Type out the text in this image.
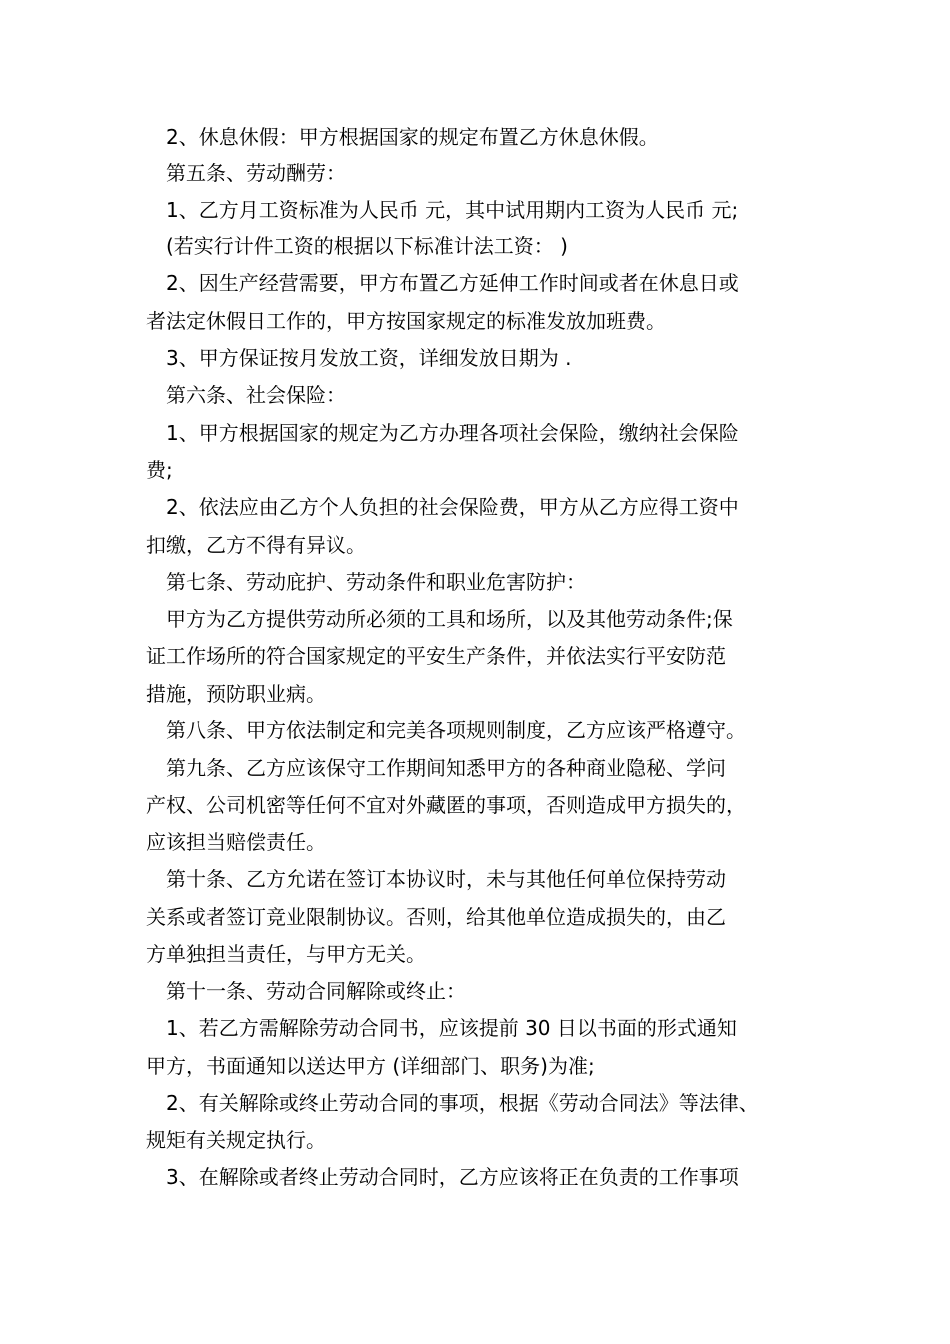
　2、休息休假：甲方根据国家的规定布置乙方休息休假。
　第五条、劳动酬劳：
　1、乙方月工资标准为人民币 元，其中试用期内工资为人民币 元;
　(若实行计件工资的根据以下标准计法工资： )
　2、因生产经营需要，甲方布置乙方延伸工作时间或者在休息日或
者法定休假日工作的，甲方按国家规定的标准发放加班费。
　3、甲方保证按月发放工资，详细发放日期为 .
　第六条、社会保险：
　1、甲方根据国家的规定为乙方办理各项社会保险，缴纳社会保险
费;
　2、依法应由乙方个人负担的社会保险费，甲方从乙方应得工资中
扣缴，乙方不得有异议。
　第七条、劳动庇护、劳动条件和职业危害防护：
　甲方为乙方提供劳动所必须的工具和场所，以及其他劳动条件;保
证工作场所的符合国家规定的平安生产条件，并依法实行平安防范
措施，预防职业病。
　第八条、甲方依法制定和完美各项规则制度，乙方应该严格遵守。
　第九条、乙方应该保守工作期间知悉甲方的各种商业隐秘、学问
产权、公司机密等任何不宜对外藏匿的事项，否则造成甲方损失的，
应该担当赔偿责任。
　第十条、乙方允诺在签订本协议时，未与其他任何单位保持劳动
关系或者签订竞业限制协议。否则，给其他单位造成损失的，由乙
方单独担当责任，与甲方无关。
　第十一条、劳动合同解除或终止：
　1、若乙方需解除劳动合同书，应该提前 30 日以书面的形式通知
甲方，书面通知以送达甲方 (详细部门、职务)为准;
　2、有关解除或终止劳动合同的事项，根据《劳动合同法》等法律、
规矩有关规定执行。
　3、在解除或者终止劳动合同时，乙方应该将正在负责的工作事项
